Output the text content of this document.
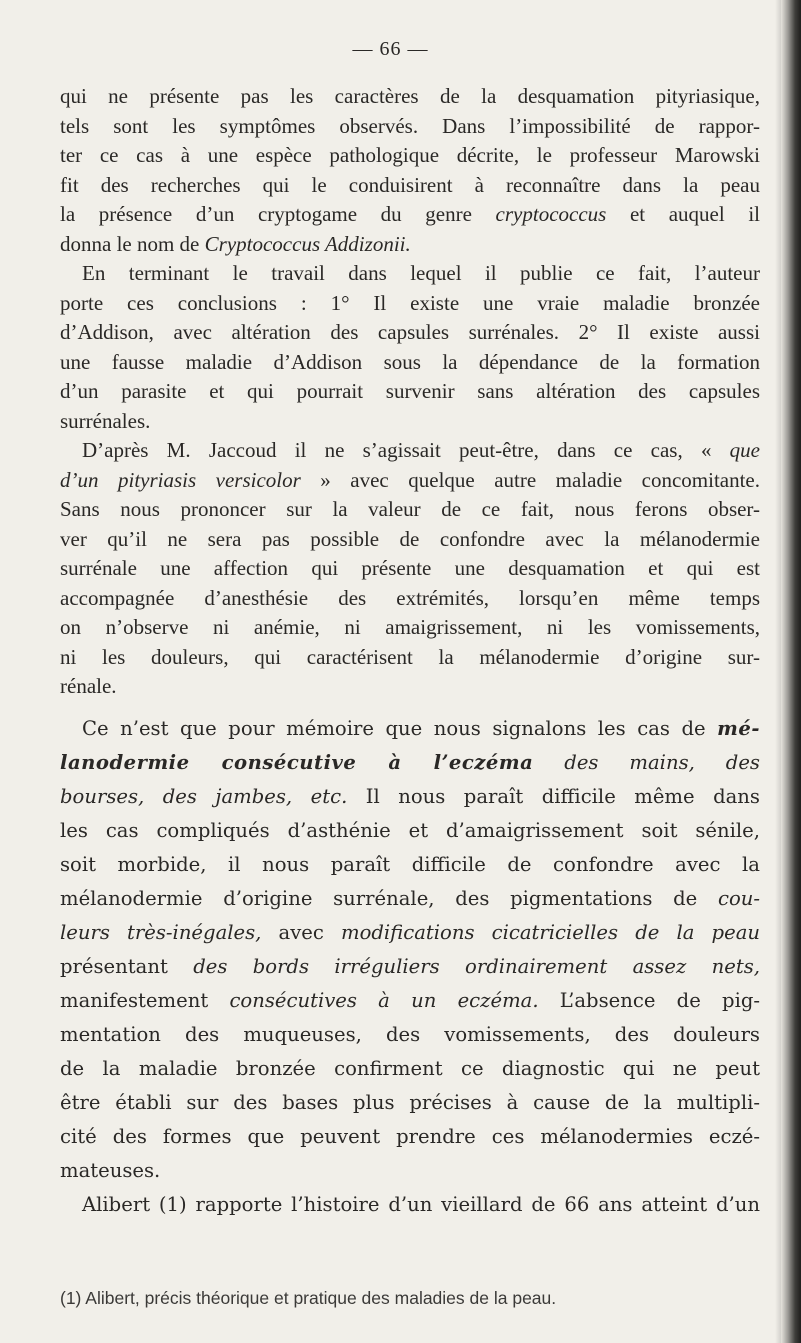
— 66 —
qui ne présente pas les caractères de la desquamation pityriasique,
tels sont les symptômes observés. Dans l’impossibilité de rappor-
ter ce cas à une espèce pathologique décrite, le professeur Marowski
fit des recherches qui le conduisirent à reconnaître dans la peau
la présence d’un cryptogame du genre cryptococcus et auquel il
donna le nom de Cryptococcus Addizonii.
En terminant le travail dans lequel il publie ce fait, l’auteur
porte ces conclusions : 1° Il existe une vraie maladie bronzée
d’Addison, avec altération des capsules surrénales. 2° Il existe aussi
une fausse maladie d’Addison sous la dépendance de la formation
d’un parasite et qui pourrait survenir sans altération des capsules
surrénales.
D’après M. Jaccoud il ne s’agissait peut-être, dans ce cas, « que
d’un pityriasis versicolor » avec quelque autre maladie concomitante.
Sans nous prononcer sur la valeur de ce fait, nous ferons obser-
ver qu’il ne sera pas possible de confondre avec la mélanodermie
surrénale une affection qui présente une desquamation et qui est
accompagnée d’anesthésie des extrémités, lorsqu’en même temps
on n’observe ni anémie, ni amaigrissement, ni les vomissements,
ni les douleurs, qui caractérisent la mélanodermie d’origine sur-
rénale.
Ce n’est que pour mémoire que nous signalons les cas de mé-
lanodermie consécutive à l’eczéma des mains, des
bourses, des jambes, etc. Il nous paraît difficile même dans
les cas compliqués d’asthénie et d’amaigrissement soit sénile,
soit morbide, il nous paraît difficile de confondre avec la
mélanodermie d’origine surrénale, des pigmentations de cou-
leurs très-inégales, avec modifications cicatricielles de la peau
présentant des bords irréguliers ordinairement assez nets,
manifestement consécutives à un eczéma. L’absence de pig-
mentation des muqueuses, des vomissements, des douleurs
de la maladie bronzée confirment ce diagnostic qui ne peut
être établi sur des bases plus précises à cause de la multipli-
cité des formes que peuvent prendre ces mélanodermies eczé-
mateuses.
Alibert (1) rapporte l’histoire d’un vieillard de 66 ans atteint d’un
(1) Alibert, précis théorique et pratique des maladies de la peau.
